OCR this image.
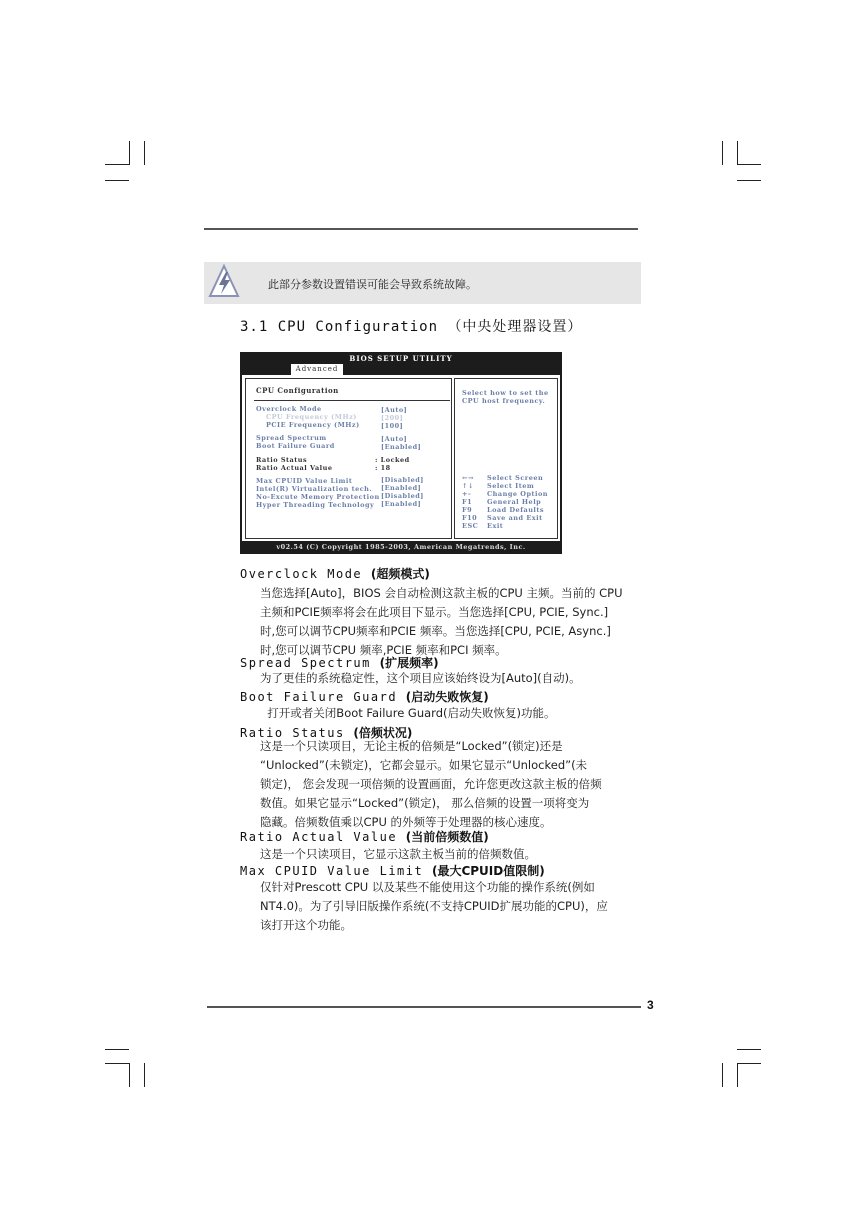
此部分参数设置错误可能会导致系统故障。
3.1 CPU Configuration （中央处理器设置）
BIOS SETUP UTILITY
Advanced
CPU Configuration
Overclock Mode	[Auto]
CPU Frequency (MHz)	[200]
PCIE Frequency (MHz)	[100]
Spread Spectrum	[Auto]
Boot Failure Guard	[Enabled]
Ratio Status	: Locked
Ratio Actual Value	: 18
Max CPUID Value Limit	[Disabled]
Intel(R) Virtualization tech. [Enabled]
No-Excute Memory Protection [Disabled]
Hyper Threading Technology [Enabled]
Select how to set the
CPU host frequency.
←→ Select Screen
↑↓ Select Item
+- Change Option
F1 General Help
F9 Load Defaults
F10 Save and Exit
ESC Exit
v02.54 (C) Copyright 1985-2003, American Megatrends, Inc.
Overclock Mode (超频模式)
当您选择[Auto]，BIOS 会自动检测这款主板的CPU 主频。当前的 CPU
主频和PCIE频率将会在此项目下显示。当您选择[CPU, PCIE, Sync.]
时,您可以调节CPU频率和PCIE 频率。当您选择[CPU, PCIE, Async.]
时,您可以调节CPU 频率,PCIE 频率和PCI 频率。
Spread Spectrum (扩展频率)
为了更佳的系统稳定性，这个项目应该始终设为[Auto](自动)。
Boot Failure Guard (启动失败恢复)
打开或者关闭Boot Failure Guard(启动失败恢复)功能。
Ratio Status (倍频状况)
这是一个只读项目，无论主板的倍频是“Locked”(锁定)还是
“Unlocked”(未锁定)，它都会显示。如果它显示“Unlocked”(未
锁定)， 您会发现一项倍频的设置画面，允许您更改这款主板的倍频
数值。如果它显示“Locked”(锁定)， 那么倍频的设置一项将变为
隐藏。倍频数值乘以CPU 的外频等于处理器的核心速度。
Ratio Actual Value (当前倍频数值)
这是一个只读项目，它显示这款主板当前的倍频数值。
Max CPUID Value Limit (最大CPUID值限制)
仅针对Prescott CPU 以及某些不能使用这个功能的操作系统(例如
NT4.0)。为了引导旧版操作系统(不支持CPUID扩展功能的CPU)，应
该打开这个功能。
3
